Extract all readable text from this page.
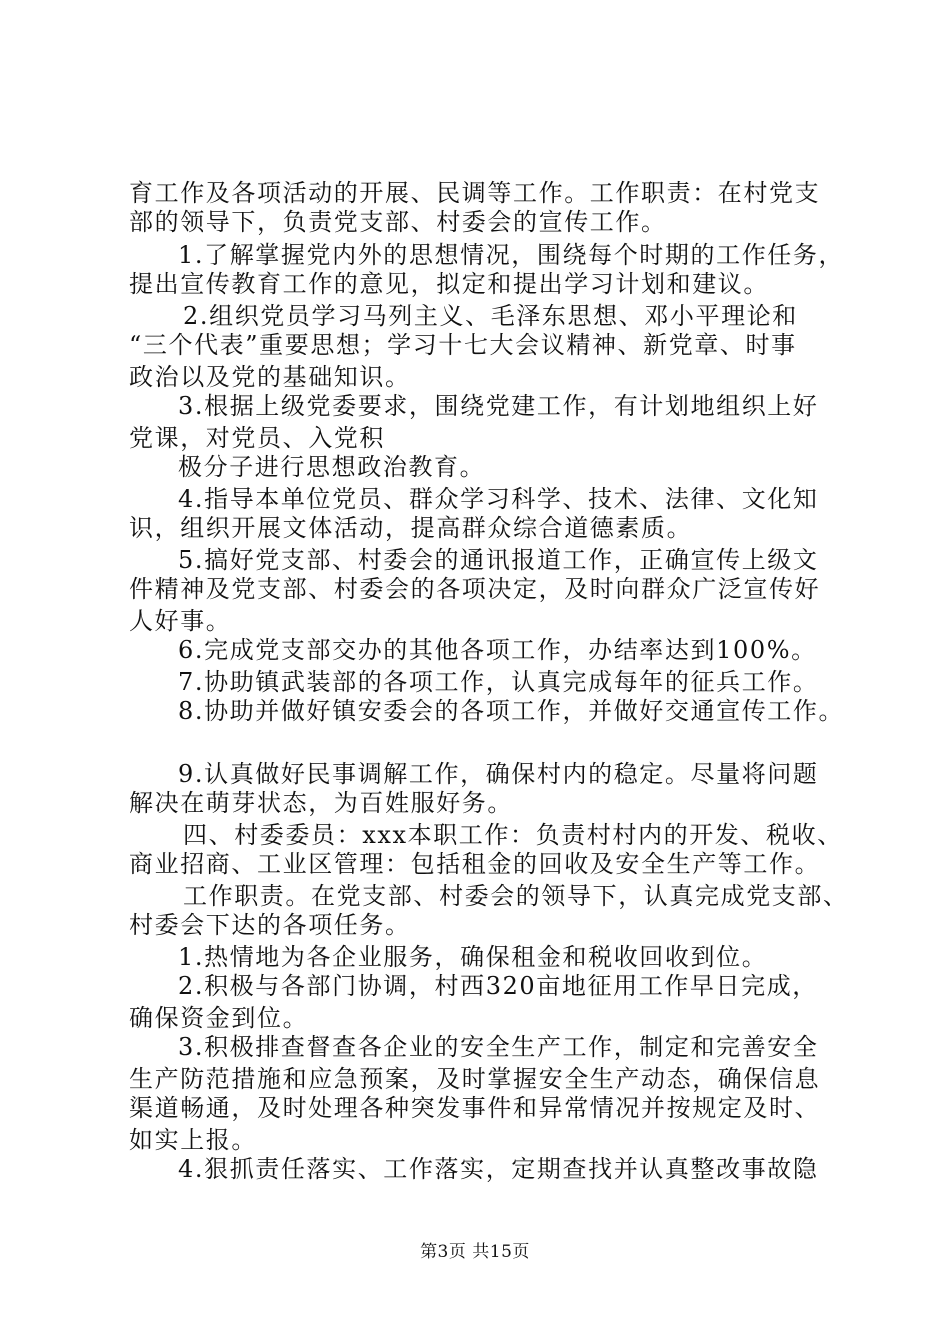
育工作及各项活动的开展、民调等工作。工作职责：在村党支
部的领导下，负责党支部、村委会的宣传工作。
1.了解掌握党内外的思想情况，围绕每个时期的工作任务，
提出宣传教育工作的意见，拟定和提出学习计划和建议。
2.组织党员学习马列主义、毛泽东思想、邓小平理论和
“三个代表”重要思想；学习十七大会议精神、新党章、时事
政治以及党的基础知识。
3.根据上级党委要求，围绕党建工作，有计划地组织上好
党课，对党员、入党积
极分子进行思想政治教育。
4.指导本单位党员、群众学习科学、技术、法律、文化知
识，组织开展文体活动，提高群众综合道德素质。
5.搞好党支部、村委会的通讯报道工作，正确宣传上级文
件精神及党支部、村委会的各项决定，及时向群众广泛宣传好
人好事。
6.完成党支部交办的其他各项工作，办结率达到100%。
7.协助镇武装部的各项工作，认真完成每年的征兵工作。
8.协助并做好镇安委会的各项工作，并做好交通宣传工作。
9.认真做好民事调解工作，确保村内的稳定。尽量将问题
解决在萌芽状态，为百姓服好务。
四、村委委员：xxx本职工作：负责村村内的开发、税收、
商业招商、工业区管理：包括租金的回收及安全生产等工作。
工作职责。在党支部、村委会的领导下，认真完成党支部、
村委会下达的各项任务。
1.热情地为各企业服务，确保租金和税收回收到位。
2.积极与各部门协调，村西320亩地征用工作早日完成，
确保资金到位。
3.积极排查督查各企业的安全生产工作，制定和完善安全
生产防范措施和应急预案，及时掌握安全生产动态，确保信息
渠道畅通，及时处理各种突发事件和异常情况并按规定及时、
如实上报。
4.狠抓责任落实、工作落实，定期查找并认真整改事故隐
第3页 共15页
